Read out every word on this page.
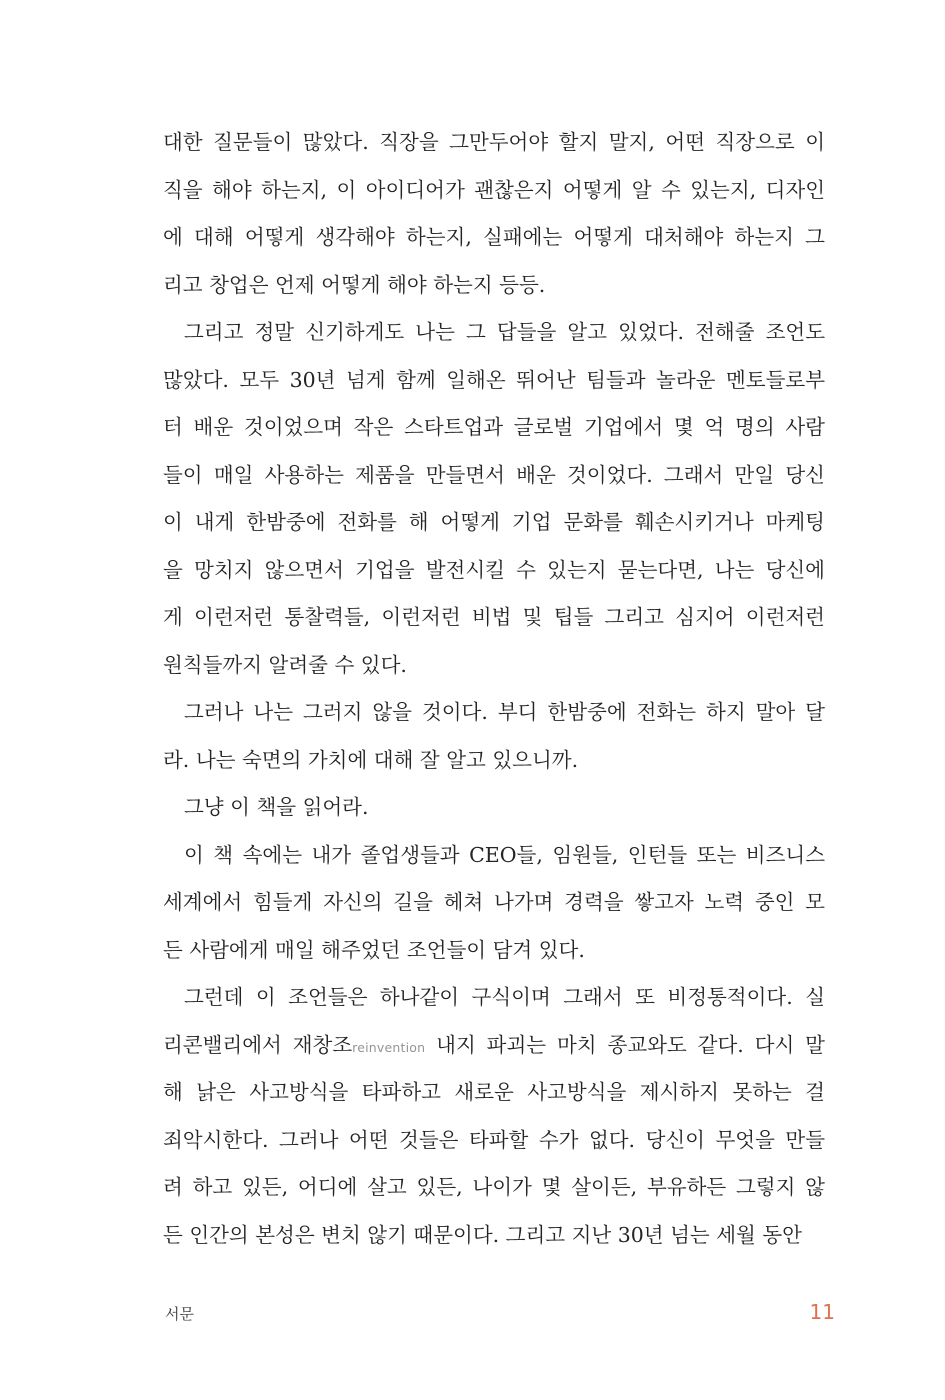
대한 질문들이 많았다. 직장을 그만두어야 할지 말지, 어떤 직장으로 이
직을 해야 하는지, 이 아이디어가 괜찮은지 어떻게 알 수 있는지, 디자인
에 대해 어떻게 생각해야 하는지, 실패에는 어떻게 대처해야 하는지 그
리고 창업은 언제 어떻게 해야 하는지 등등.
그리고 정말 신기하게도 나는 그 답들을 알고 있었다. 전해줄 조언도
많았다. 모두 30년 넘게 함께 일해온 뛰어난 팀들과 놀라운 멘토들로부
터 배운 것이었으며 작은 스타트업과 글로벌 기업에서 몇 억 명의 사람
들이 매일 사용하는 제품을 만들면서 배운 것이었다. 그래서 만일 당신
이 내게 한밤중에 전화를 해 어떻게 기업 문화를 훼손시키거나 마케팅
을 망치지 않으면서 기업을 발전시킬 수 있는지 묻는다면, 나는 당신에
게 이런저런 통찰력들, 이런저런 비법 및 팁들 그리고 심지어 이런저런
원칙들까지 알려줄 수 있다.
그러나 나는 그러지 않을 것이다. 부디 한밤중에 전화는 하지 말아 달
라. 나는 숙면의 가치에 대해 잘 알고 있으니까.
그냥 이 책을 읽어라.
이 책 속에는 내가 졸업생들과 CEO들, 임원들, 인턴들 또는 비즈니스
세계에서 힘들게 자신의 길을 헤쳐 나가며 경력을 쌓고자 노력 중인 모
든 사람에게 매일 해주었던 조언들이 담겨 있다.
그런데 이 조언들은 하나같이 구식이며 그래서 또 비정통적이다. 실
리콘밸리에서 재창조reinvention 내지 파괴는 마치 종교와도 같다. 다시 말
해 낡은 사고방식을 타파하고 새로운 사고방식을 제시하지 못하는 걸
죄악시한다. 그러나 어떤 것들은 타파할 수가 없다. 당신이 무엇을 만들
려 하고 있든, 어디에 살고 있든, 나이가 몇 살이든, 부유하든 그렇지 않
든 인간의 본성은 변치 않기 때문이다. 그리고 지난 30년 넘는 세월 동안
서문	11
